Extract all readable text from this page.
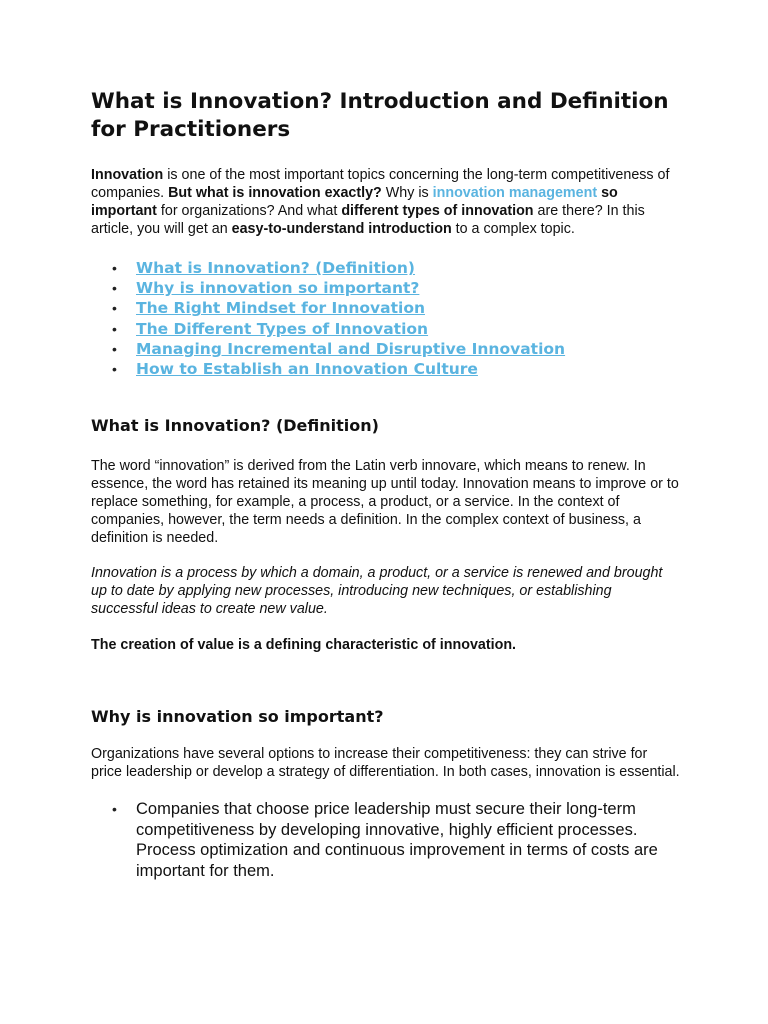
What is Innovation? Introduction and Definition for Practitioners

Innovation is one of the most important topics concerning the long-term competitiveness of companies. But what is innovation exactly? Why is innovation management so important for organizations? And what different types of innovation are there? In this article, you will get an easy-to-understand introduction to a complex topic.

• What is Innovation? (Definition)
• Why is innovation so important?
• The Right Mindset for Innovation
• The Different Types of Innovation
• Managing Incremental and Disruptive Innovation
• How to Establish an Innovation Culture
What is Innovation? (Definition)

The word “innovation” is derived from the Latin verb innovare, which means to renew. In essence, the word has retained its meaning up until today. Innovation means to improve or to replace something, for example, a process, a product, or a service. In the context of companies, however, the term needs a definition. In the complex context of business, a definition is needed.

Innovation is a process by which a domain, a product, or a service is renewed and brought up to date by applying new processes, introducing new techniques, or establishing successful ideas to create new value.

The creation of value is a defining characteristic of innovation.

Why is innovation so important?

Organizations have several options to increase their competitiveness: they can strive for price leadership or develop a strategy of differentiation. In both cases, innovation is essential.

• Companies that choose price leadership must secure their long-term competitiveness by developing innovative, highly efficient processes. Process optimization and continuous improvement in terms of costs are important for them.
